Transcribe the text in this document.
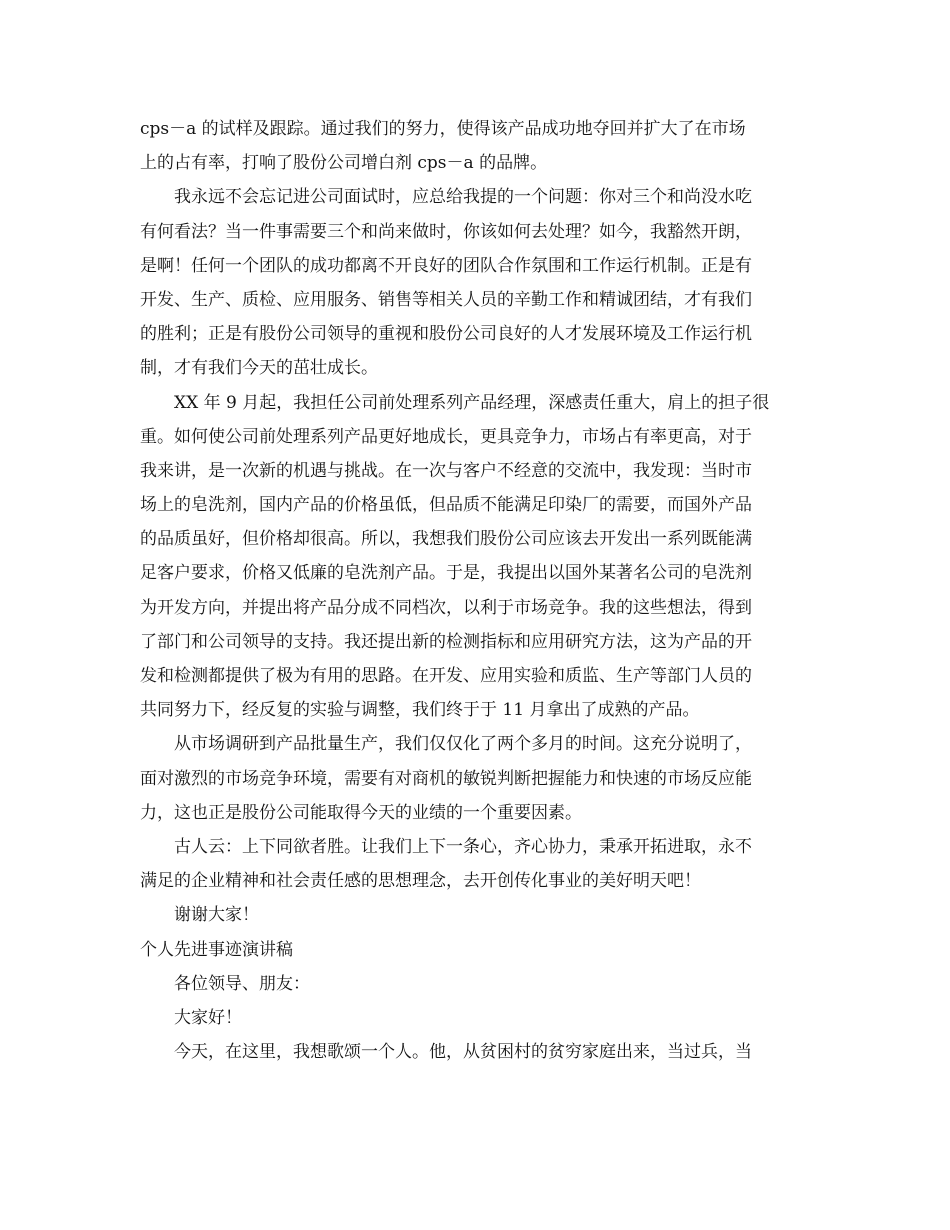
cps－a 的试样及跟踪。通过我们的努力，使得该产品成功地夺回并扩大了在市场
上的占有率，打响了股份公司增白剂 cps－a 的品牌。
我永远不会忘记进公司面试时，应总给我提的一个问题：你对三个和尚没水吃
有何看法？当一件事需要三个和尚来做时，你该如何去处理？如今，我豁然开朗，
是啊！任何一个团队的成功都离不开良好的团队合作氛围和工作运行机制。正是有
开发、生产、质检、应用服务、销售等相关人员的辛勤工作和精诚团结，才有我们
的胜利；正是有股份公司领导的重视和股份公司良好的人才发展环境及工作运行机
制，才有我们今天的茁壮成长。
XX 年 9 月起，我担任公司前处理系列产品经理，深感责任重大，肩上的担子很
重。如何使公司前处理系列产品更好地成长，更具竞争力，市场占有率更高，对于
我来讲，是一次新的机遇与挑战。在一次与客户不经意的交流中，我发现：当时市
场上的皂洗剂，国内产品的价格虽低，但品质不能满足印染厂的需要，而国外产品
的品质虽好，但价格却很高。所以，我想我们股份公司应该去开发出一系列既能满
足客户要求，价格又低廉的皂洗剂产品。于是，我提出以国外某著名公司的皂洗剂
为开发方向，并提出将产品分成不同档次，以利于市场竞争。我的这些想法，得到
了部门和公司领导的支持。我还提出新的检测指标和应用研究方法，这为产品的开
发和检测都提供了极为有用的思路。在开发、应用实验和质监、生产等部门人员的
共同努力下，经反复的实验与调整，我们终于于 11 月拿出了成熟的产品。
从市场调研到产品批量生产，我们仅仅化了两个多月的时间。这充分说明了，
面对激烈的市场竞争环境，需要有对商机的敏锐判断把握能力和快速的市场反应能
力，这也正是股份公司能取得今天的业绩的一个重要因素。
古人云：上下同欲者胜。让我们上下一条心，齐心协力，秉承开拓进取，永不
满足的企业精神和社会责任感的思想理念，去开创传化事业的美好明天吧！
谢谢大家！
个人先进事迹演讲稿
各位领导、朋友：
大家好！
今天，在这里，我想歌颂一个人。他，从贫困村的贫穷家庭出来，当过兵，当
